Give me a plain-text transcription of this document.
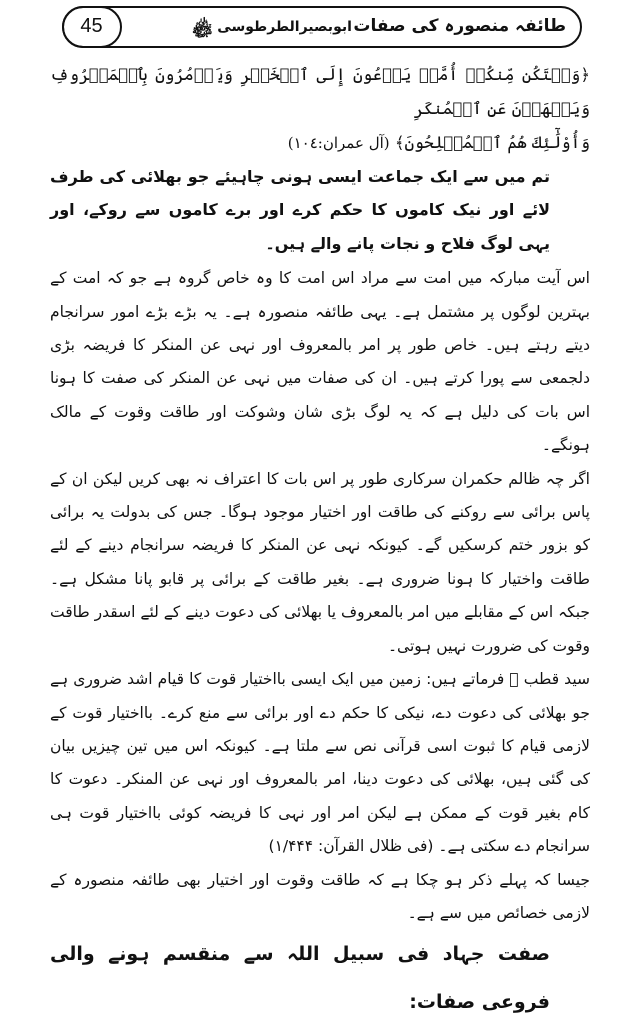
45	ابوبصیرالطرطوسی ﷾ طائفہ منصورہ کی صفات

﴿وَلۡتَكُن مِّنكُمۡ أُمَّةٞ يَدۡعُونَ إِلَى ٱلۡخَيۡرِ وَيَأۡمُرُونَ بِٱلۡمَعۡرُوفِ وَيَنۡهَوۡنَ عَنِ ٱلۡمُنكَرِ

وَأُوْلَٰٓئِكَ هُمُ ٱلۡمُفۡلِحُونَ﴾ (آل عمران:١٠٤)

تم میں سے ایک جماعت ایسی ہونی چاہیئے جو بھلائی کی طرف لائے اور نیک کاموں کا حکم کرے اور برے کاموں سے روکے، اور یہی لوگ فلاح و نجات پانے والے ہیں۔

اس آیت مبارکہ میں امت سے مراد اس امت کا وہ خاص گروہ ہے جو کہ امت کے بہترین لوگوں پر مشتمل ہے۔ یہی طائفہ منصورہ ہے۔ یہ بڑے بڑے امور سرانجام دیتے رہتے ہیں۔ خاص طور پر امر بالمعروف اور نہی عن المنکر کا فریضہ بڑی دلجمعی سے پورا کرتے ہیں۔ ان کی صفات میں نہی عن المنکر کی صفت کا ہونا اس بات کی دلیل ہے کہ یہ لوگ بڑی شان وشوکت اور طاقت وقوت کے مالک ہونگے۔

اگر چہ ظالم حکمران سرکاری طور پر اس بات کا اعتراف نہ بھی کریں لیکن ان کے پاس برائی سے روکنے کی طاقت اور اختیار موجود ہوگا۔ جس کی بدولت یہ برائی کو بزور ختم کرسکیں گے۔ کیونکہ نہی عن المنکر کا فریضہ سرانجام دینے کے لئے طاقت واختیار کا ہونا ضروری ہے۔ بغیر طاقت کے برائی پر قابو پانا مشکل ہے۔ جبکہ اس کے مقابلے میں امر بالمعروف یا بھلائی کی دعوت دینے کے لئے اسقدر طاقت وقوت کی ضرورت نہیں ہوتی۔

سید قطب ﷫ فرماتے ہیں: زمین میں ایک ایسی بااختیار قوت کا قیام اشد ضروری ہے جو بھلائی کی دعوت دے، نیکی کا حکم دے اور برائی سے منع کرے۔ بااختیار قوت کے لازمی قیام کا ثبوت اسی قرآنی نص سے ملتا ہے۔ کیونکہ اس میں تین چیزیں بیان کی گئی ہیں، بھلائی کی دعوت دینا، امر بالمعروف اور نہی عن المنکر۔ دعوت کا کام بغیر قوت کے ممکن ہے لیکن امر اور نہی کا فریضہ کوئی بااختیار قوت ہی سرانجام دے سکتی ہے۔ (فی ظلال القرآن: ۱/۴۴۴)

جیسا کہ پہلے ذکر ہو چکا ہے کہ طاقت وقوت اور اختیار بھی طائفہ منصورہ کے لازمی خصائص میں سے ہے۔

صفت جہاد فی سبیل اللہ سے منقسم ہونے والی فروعی صفات:
